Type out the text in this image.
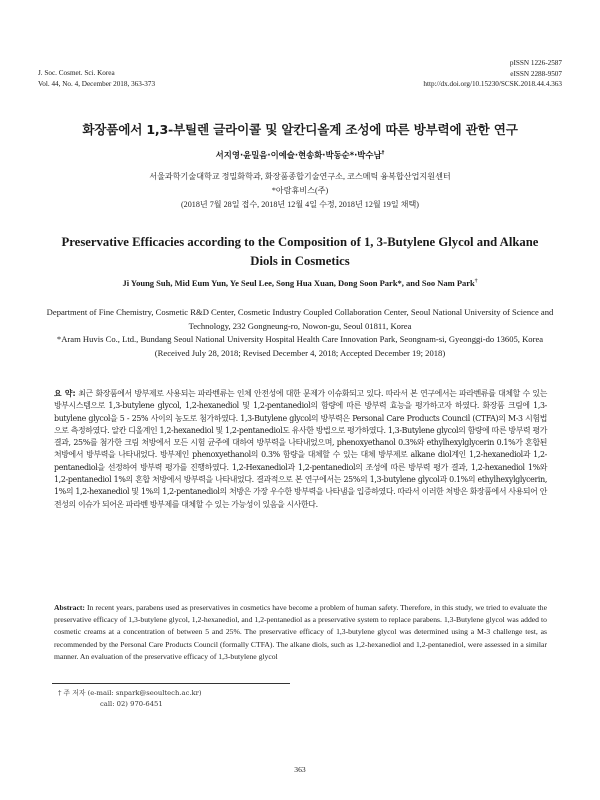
J. Soc. Cosmet. Sci. Korea
Vol. 44, No. 4, December 2018, 363-373
pISSN 1226-2587
eISSN 2288-9507
http://dx.doi.org/10.15230/SCSK.2018.44.4.363
화장품에서 1,3-부틸렌 글라이콜 및 알칸디올계 조성에 따른 방부력에 관한 연구
서지영·윤밀음·이예슬·현송화·박동순*·박수남†
서울과학기술대학교 정밀화학과, 화장품종합기술연구소, 코스메틱 융복합산업지원센터
*아람휴비스(주)
(2018년 7월 28일 접수, 2018년 12월 4일 수정, 2018년 12월 19일 채택)
Preservative Efficacies according to the Composition of 1, 3-Butylene Glycol and Alkane Diols in Cosmetics
Ji Young Suh, Mid Eum Yun, Ye Seul Lee, Song Hua Xuan, Dong Soon Park*, and Soo Nam Park†
Department of Fine Chemistry, Cosmetic R&D Center, Cosmetic Industry Coupled Collaboration Center, Seoul National University of Science and Technology, 232 Gongneung-ro, Nowon-gu, Seoul 01811, Korea
*Aram Huvis Co., Ltd., Bundang Seoul National University Hospital Health Care Innovation Park, Seongnam-si, Gyeonggi-do 13605, Korea
(Received July 28, 2018; Revised December 4, 2018; Accepted December 19; 2018)
요 약: 최근 화장품에서 방부제로 사용되는 파라벤류는 인체 안전성에 대한 문제가 이슈화되고 있다. 따라서 본 연구에서는 파라벤류를 대체할 수 있는 방부시스템으로 1,3-butylene glycol, 1,2-hexanediol 및 1,2-pentanediol의 함량에 따른 방부력 효능을 평가하고자 하였다. 화장품 크림에 1,3-butylene glycol을 5 - 25% 사이의 농도로 첨가하였다. 1,3-Butylene glycol의 방부력은 Personal Care Products Council (CTFA)의 M-3 시험법으로 측정하였다. 알칸 디올계인 1,2-hexanediol 및 1,2-pentanediol도 유사한 방법으로 평가하였다. 1,3-Butylene glycol의 함량에 따른 방부력 평가 결과, 25%를 첨가한 크림 처방에서 모든 시험 균주에 대하여 방부력을 나타내었으며, phenoxyethanol 0.3%와 ethylhexylglycerin 0.1%가 혼합된 처방에서 방부력을 나타내었다. 방부제인 phenoxyethanol의 0.3% 함량을 대체할 수 있는 대체 방부제로 alkane diol계인 1,2-hexanediol과 1,2-pentanediol을 선정하여 방부력 평가를 진행하였다. 1,2-Hexanediol과 1,2-pentanediol의 조성에 따른 방부력 평가 결과, 1,2-hexanediol 1%와 1,2-pentanediol 1%의 혼합 처방에서 방부력을 나타내었다. 결과적으로 본 연구에서는 25%의 1,3-butylene glycol과 0.1%의 ethylhexylglycerin, 1%의 1,2-hexanediol 및 1%의 1,2-pentanediol의 처방은 가장 우수한 방부력을 나타냄을 입증하였다. 따라서 이러한 처방은 화장품에서 사용되어 안전성의 이슈가 되어온 파라벤 방부제를 대체할 수 있는 가능성이 있음을 시사한다.
Abstract: In recent years, parabens used as preservatives in cosmetics have become a problem of human safety. Therefore, in this study, we tried to evaluate the preservative efficacy of 1,3-butylene glycol, 1,2-hexanediol, and 1,2-pentanediol as a preservative system to replace parabens. 1,3-Butylene glycol was added to cosmetic creams at a concentration of between 5 and 25%. The preservative efficacy of 1,3-butylene glycol was determined using a M-3 challenge test, as recommended by the Personal Care Products Council (formally CTFA). The alkane diols, such as 1,2-hexanediol and 1,2-pentanediol, were assessed in a similar manner. An evaluation of the preservative efficacy of 1,3-butylene glycol
† 주 저자 (e-mail: snpark@seoultech.ac.kr)
call: 02) 970-6451
363
